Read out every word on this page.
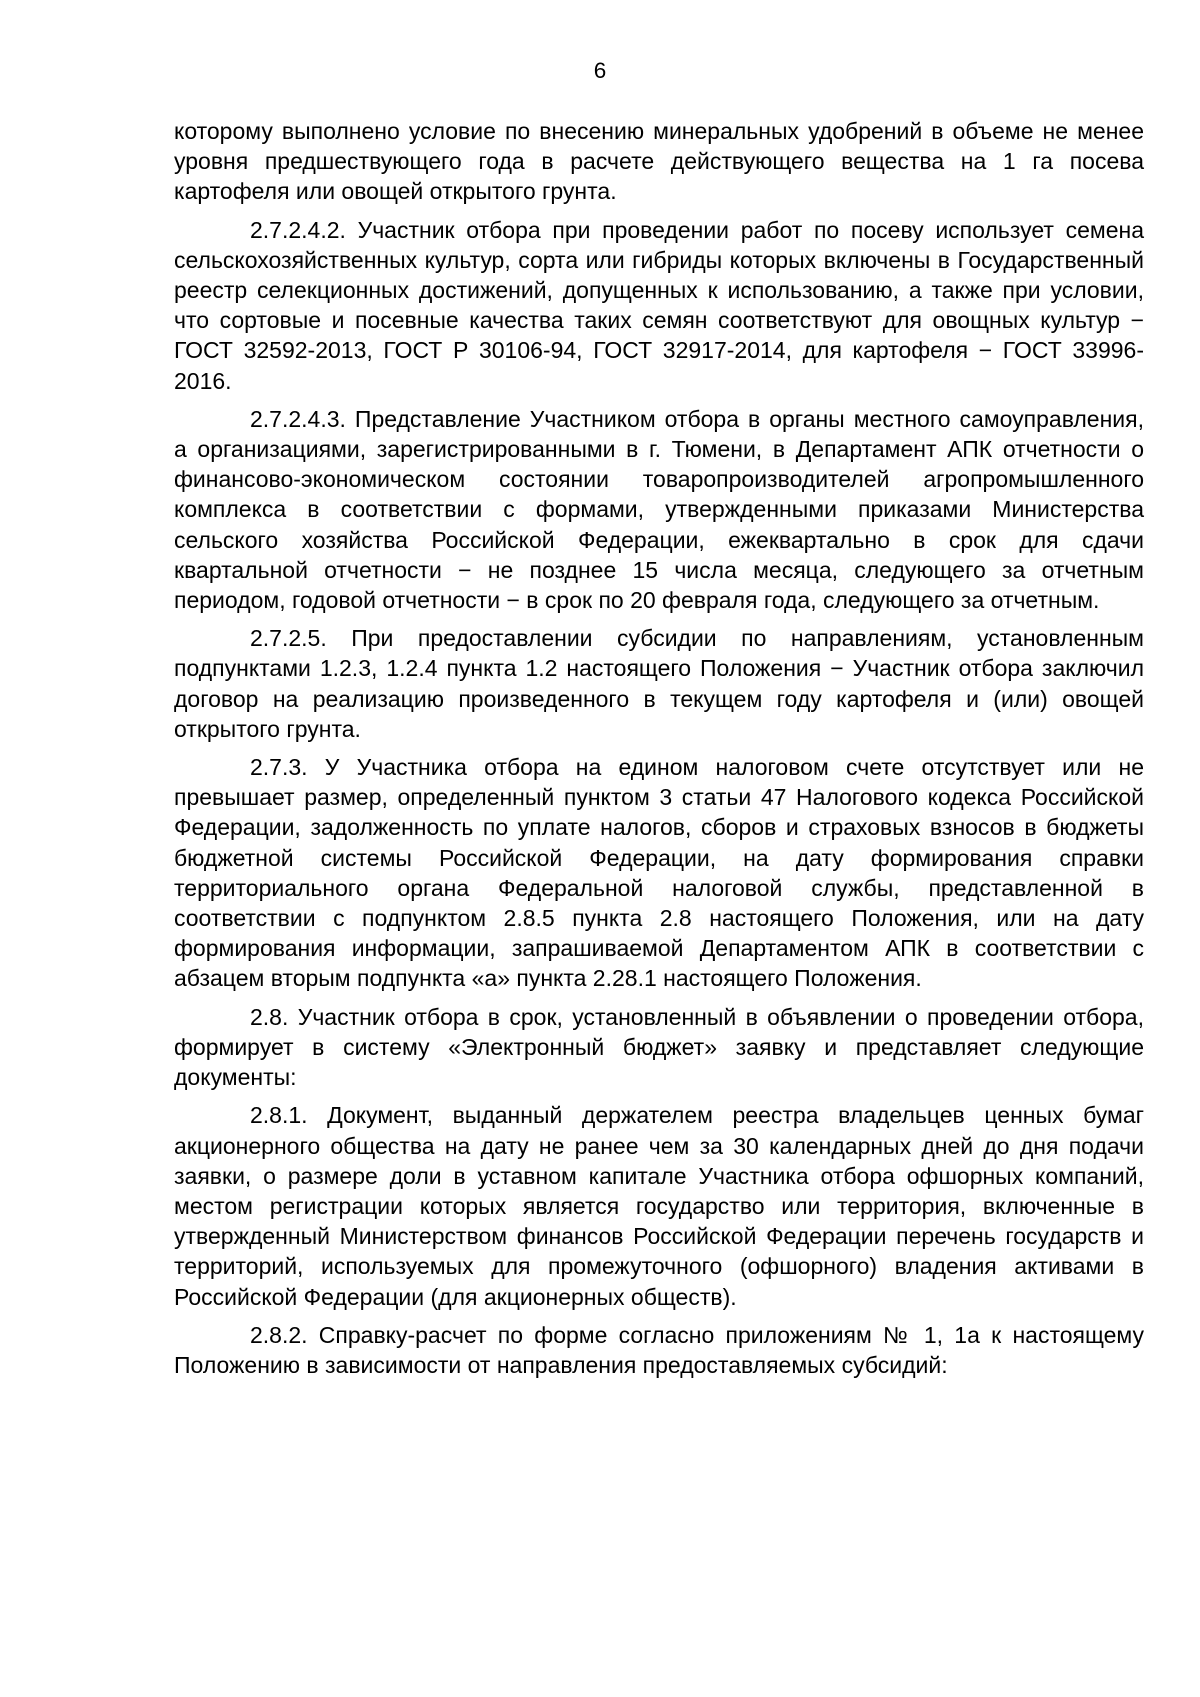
6

которому выполнено условие по внесению минеральных удобрений в объеме не менее уровня предшествующего года в расчете действующего вещества на 1 га посева картофеля или овощей открытого грунта.

2.7.2.4.2. Участник отбора при проведении работ по посеву использует семена сельскохозяйственных культур, сорта или гибриды которых включены в Государственный реестр селекционных достижений, допущенных к использованию, а также при условии, что сортовые и посевные качества таких семян соответствуют для овощных культур − ГОСТ 32592-2013, ГОСТ Р 30106-94, ГОСТ 32917-2014, для картофеля − ГОСТ 33996-2016.

2.7.2.4.3. Представление Участником отбора в органы местного самоуправления, а организациями, зарегистрированными в г. Тюмени, в Департамент АПК отчетности о финансово-экономическом состоянии товаропроизводителей агропромышленного комплекса в соответствии с формами, утвержденными приказами Министерства сельского хозяйства Российской Федерации, ежеквартально в срок для сдачи квартальной отчетности − не позднее 15 числа месяца, следующего за отчетным периодом, годовой отчетности − в срок по 20 февраля года, следующего за отчетным.

2.7.2.5. При предоставлении субсидии по направлениям, установленным подпунктами 1.2.3, 1.2.4 пункта 1.2 настоящего Положения − Участник отбора заключил договор на реализацию произведенного в текущем году картофеля и (или) овощей открытого грунта.

2.7.3. У Участника отбора на едином налоговом счете отсутствует или не превышает размер, определенный пунктом 3 статьи 47 Налогового кодекса Российской Федерации, задолженность по уплате налогов, сборов и страховых взносов в бюджеты бюджетной системы Российской Федерации, на дату формирования справки территориального органа Федеральной налоговой службы, представленной в соответствии с подпунктом 2.8.5 пункта 2.8 настоящего Положения, или на дату формирования информации, запрашиваемой Департаментом АПК в соответствии с абзацем вторым подпункта «а» пункта 2.28.1 настоящего Положения.

2.8. Участник отбора в срок, установленный в объявлении о проведении отбора, формирует в систему «Электронный бюджет» заявку и представляет следующие документы:

2.8.1. Документ, выданный держателем реестра владельцев ценных бумаг акционерного общества на дату не ранее чем за 30 календарных дней до дня подачи заявки, о размере доли в уставном капитале Участника отбора офшорных компаний, местом регистрации которых является государство или территория, включенные в утвержденный Министерством финансов Российской Федерации перечень государств и территорий, используемых для промежуточного (офшорного) владения активами в Российской Федерации (для акционерных обществ).

2.8.2. Справку-расчет по форме согласно приложениям № 1, 1а к настоящему Положению в зависимости от направления предоставляемых субсидий:
